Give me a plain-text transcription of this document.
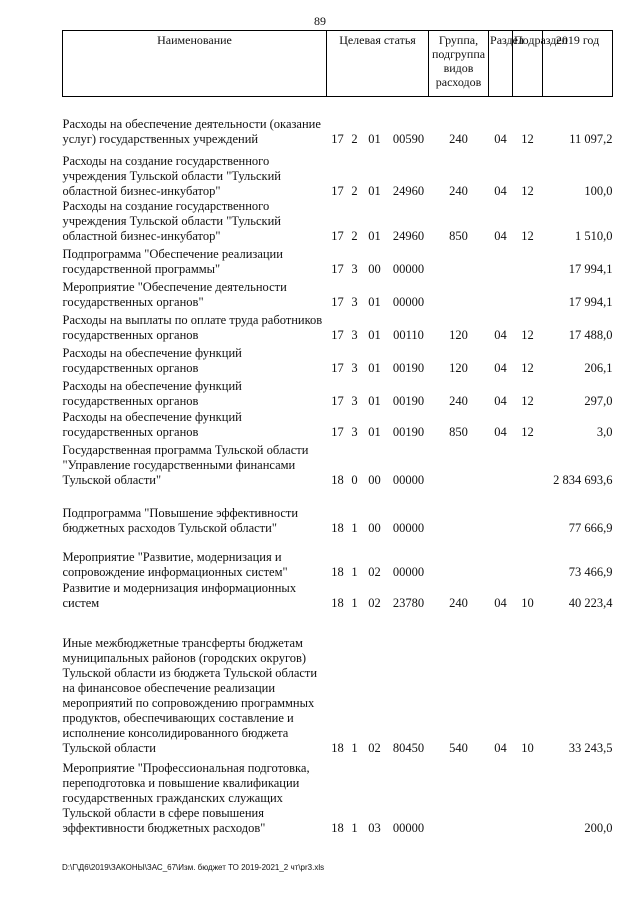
89
Наименование	Целевая статья				Группа, подгруппа видов расходов	Раздел	Подраздел	2019 год

Расходы на обеспечение деятельности (оказание услуг) государственных учреждений	17	2	01	00590	240	04	12	11 097,2

Расходы на создание государственного учреждения Тульской области "Тульский областной бизнес-инкубатор"	17	2	01	24960	240	04	12	100,0

Расходы на создание государственного учреждения Тульской области "Тульский областной бизнес-инкубатор"	17	2	01	24960	850	04	12	1 510,0

Подпрограмма "Обеспечение реализации государственной программы"	17	3	00	00000				17 994,1

Мероприятие "Обеспечение деятельности государственных органов"	17	3	01	00000				17 994,1

Расходы на выплаты по оплате труда работников государственных органов	17	3	01	00110	120	04	12	17 488,0

Расходы на обеспечение функций государственных органов	17	3	01	00190	120	04	12	206,1

Расходы на обеспечение функций государственных органов	17	3	01	00190	240	04	12	297,0

Расходы на обеспечение функций государственных органов	17	3	01	00190	850	04	12	3,0

Государственная программа Тульской области "Управление государственными финансами Тульской области"	18	0	00	00000				2 834 693,6

Подпрограмма "Повышение эффективности бюджетных расходов Тульской области"	18	1	00	00000				77 666,9

Мероприятие "Развитие, модернизация и сопровождение информационных систем"	18	1	02	00000				73 466,9

Развитие и модернизация информационных систем	18	1	02	23780	240	04	10	40 223,4

Иные межбюджетные трансферты бюджетам муниципальных районов (городских округов) Тульской области из бюджета Тульской области на финансовое обеспечение реализации мероприятий по сопровождению программных продуктов, обеспечивающих составление и исполнение консолидированного бюджета Тульской области	18	1	02	80450	540	04	10	33 243,5

Мероприятие "Профессиональная подготовка, переподготовка и повышение квалификации государственных гражданских служащих Тульской области в сфере повышения эффективности бюджетных расходов"	18	1	03	00000				200,0
D:\Г\Д6\2019\ЗАКОНЫ\ЗАС_67\Изм. бюджет ТО 2019-2021_2 чт\pr3.xls
